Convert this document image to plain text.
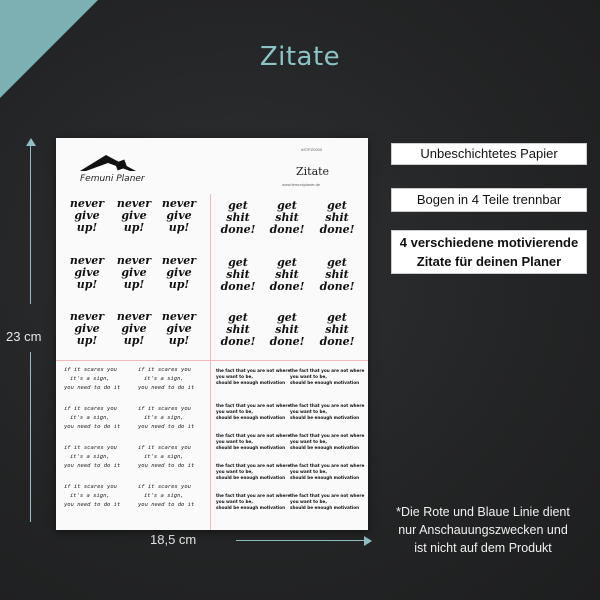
Zitate
23 cm
18,5 cm
Femuni Planer
#STFZ0000
Zitate
www.femuniplaner.de
never
give
up!
never
give
up!
never
give
up!
never
give
up!
never
give
up!
never
give
up!
never
give
up!
never
give
up!
never
give
up!
get
shit
done!
get
shit
done!
get
shit
done!
get
shit
done!
get
shit
done!
get
shit
done!
get
shit
done!
get
shit
done!
get
shit
done!
if it scares you
it's a sign,
you need to do it
if it scares you
it's a sign,
you need to do it
if it scares you
it's a sign,
you need to do it
if it scares you
it's a sign,
you need to do it
if it scares you
it's a sign,
you need to do it
if it scares you
it's a sign,
you need to do it
if it scares you
it's a sign,
you need to do it
if it scares you
it's a sign,
you need to do it
the fact that you are not where
you want to be,
should be enough motivation
the fact that you are not where
you want to be,
should be enough motivation
the fact that you are not where
you want to be,
should be enough motivation
the fact that you are not where
you want to be,
should be enough motivation
the fact that you are not where
you want to be,
should be enough motivation
the fact that you are not where
you want to be,
should be enough motivation
the fact that you are not where
you want to be,
should be enough motivation
the fact that you are not where
you want to be,
should be enough motivation
the fact that you are not where
you want to be,
should be enough motivation
the fact that you are not where
you want to be,
should be enough motivation
Unbeschichtetes Papier
Bogen in 4 Teile trennbar
4 verschiedene motivierende
Zitate für deinen Planer
*Die Rote und Blaue Linie dient
nur Anschauungszwecken und
ist nicht auf dem Produkt
